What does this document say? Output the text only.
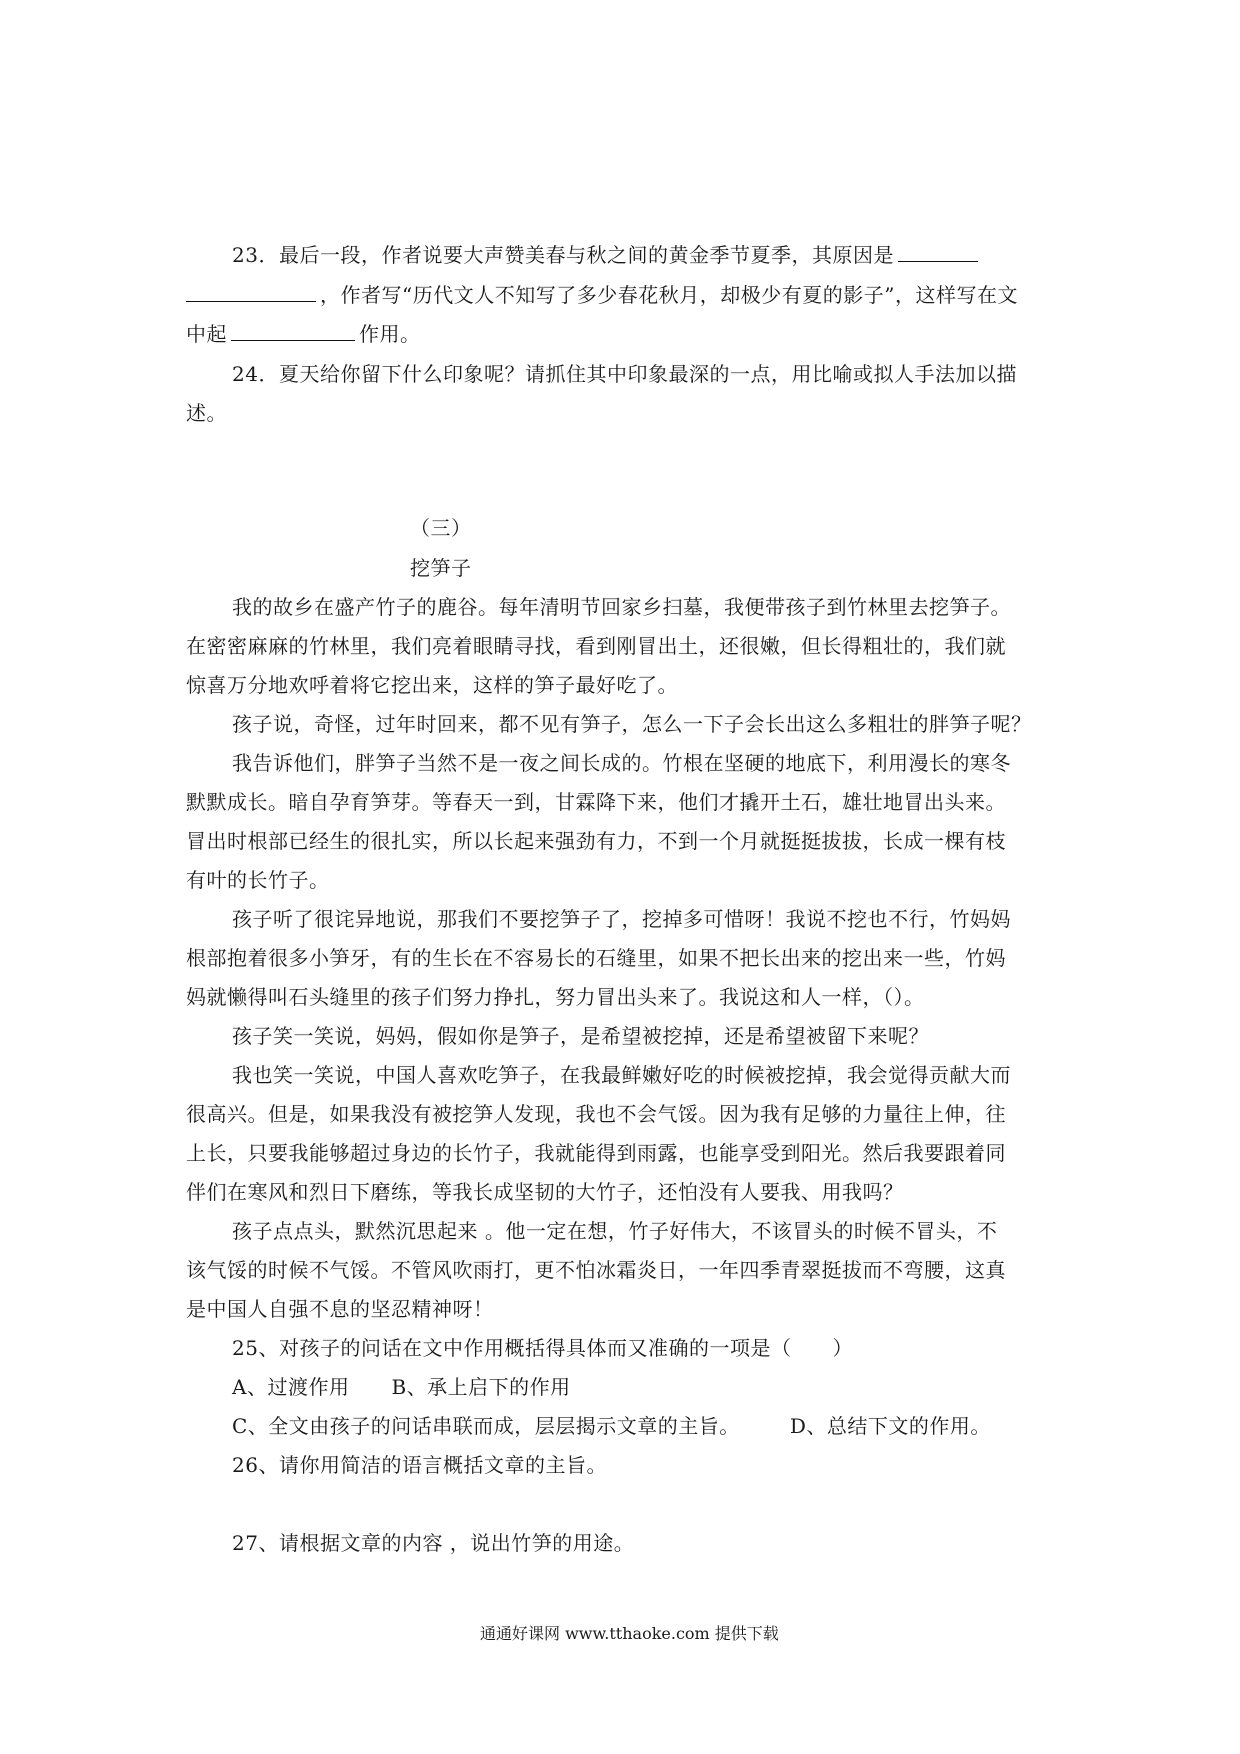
23．最后一段，作者说要大声赞美春与秋之间的黄金季节夏季，其原因是
，作者写“历代文人不知写了多少春花秋月，却极少有夏的影子”，这样写在文
中起	作用。
24．夏天给你留下什么印象呢？请抓住其中印象最深的一点，用比喻或拟人手法加以描
述。
（三）
挖笋子
我的故乡在盛产竹子的鹿谷。每年清明节回家乡扫墓，我便带孩子到竹林里去挖笋子。
在密密麻麻的竹林里，我们亮着眼睛寻找，看到刚冒出土，还很嫩，但长得粗壮的，我们就
惊喜万分地欢呼着将它挖出来，这样的笋子最好吃了。
孩子说，奇怪，过年时回来，都不见有笋子，怎么一下子会长出这么多粗壮的胖笋子呢？
我告诉他们，胖笋子当然不是一夜之间长成的。竹根在坚硬的地底下，利用漫长的寒冬
默默成长。暗自孕育笋芽。等春天一到，甘霖降下来，他们才撬开土石，雄壮地冒出头来。
冒出时根部已经生的很扎实，所以长起来强劲有力，不到一个月就挺挺拔拔，长成一棵有枝
有叶的长竹子。
孩子听了很诧异地说，那我们不要挖笋子了，挖掉多可惜呀！我说不挖也不行，竹妈妈
根部抱着很多小笋牙，有的生长在不容易长的石缝里，如果不把长出来的挖出来一些，竹妈
妈就懒得叫石头缝里的孩子们努力挣扎，努力冒出头来了。我说这和人一样，（）。
孩子笑一笑说，妈妈，假如你是笋子，是希望被挖掉，还是希望被留下来呢？
我也笑一笑说，中国人喜欢吃笋子，在我最鲜嫩好吃的时候被挖掉，我会觉得贡献大而
很高兴。但是，如果我没有被挖笋人发现，我也不会气馁。因为我有足够的力量往上伸，往
上长，只要我能够超过身边的长竹子，我就能得到雨露，也能享受到阳光。然后我要跟着同
伴们在寒风和烈日下磨练，等我长成坚韧的大竹子，还怕没有人要我、用我吗？
孩子点点头，默然沉思起来 。他一定在想，竹子好伟大，不该冒头的时候不冒头，不
该气馁的时候不气馁。不管风吹雨打，更不怕冰霜炎日，一年四季青翠挺拔而不弯腰，这真
是中国人自强不息的坚忍精神呀！
25、对孩子的问话在文中作用概括得具体而又准确的一项是（　　）
A、过渡作用 B、承上启下的作用
C、全文由孩子的问话串联而成，层层揭示文章的主旨。	D、总结下文的作用。
26、请你用简洁的语言概括文章的主旨。
27、请根据文章的内容 ，说出竹笋的用途。
通通好课网 www.tthaoke.com 提供下载
